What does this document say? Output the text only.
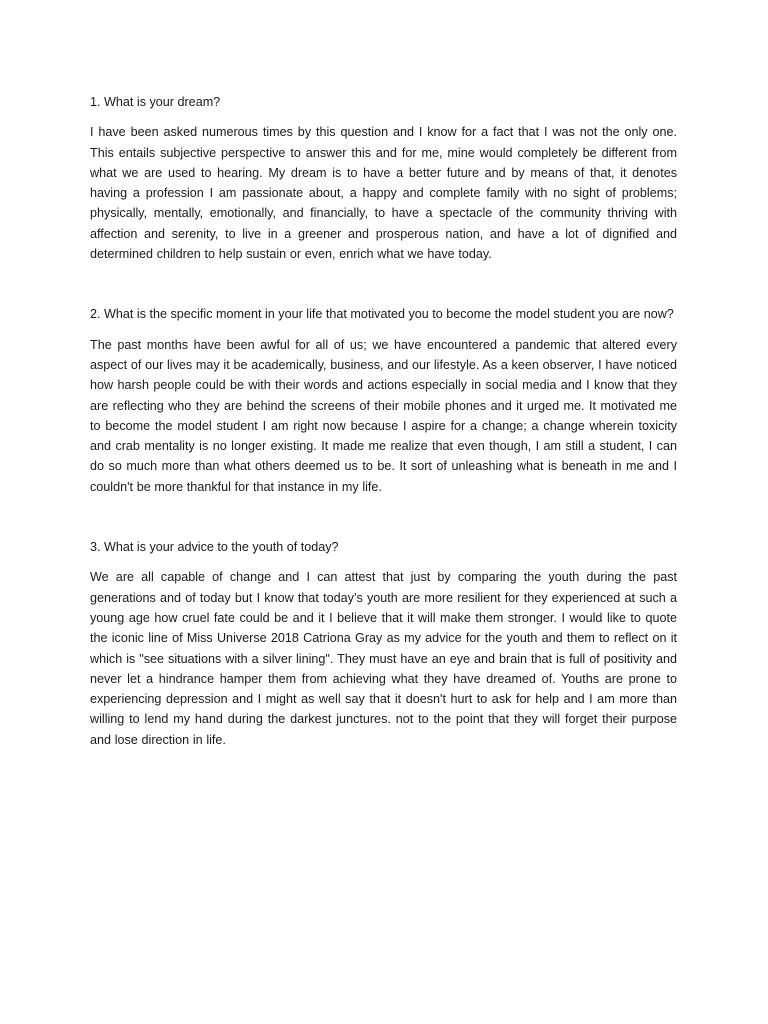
1. What is your dream?

I have been asked numerous times by this question and I know for a fact that I was not the only one. This entails subjective perspective to answer this and for me, mine would completely be different from what we are used to hearing. My dream is to have a better future and by means of that, it denotes having a profession I am passionate about, a happy and complete family with no sight of problems; physically, mentally, emotionally, and financially, to have a spectacle of the community thriving with affection and serenity, to live in a greener and prosperous nation, and have a lot of dignified and determined children to help sustain or even, enrich what we have today.

2. What is the specific moment in your life that motivated you to become the model student you are now?

The past months have been awful for all of us; we have encountered a pandemic that altered every aspect of our lives may it be academically, business, and our lifestyle. As a keen observer, I have noticed how harsh people could be with their words and actions especially in social media and I know that they are reflecting who they are behind the screens of their mobile phones and it urged me. It motivated me to become the model student I am right now because I aspire for a change; a change wherein toxicity and crab mentality is no longer existing. It made me realize that even though, I am still a student, I can do so much more than what others deemed us to be. It sort of unleashing what is beneath in me and I couldn't be more thankful for that instance in my life.

3. What is your advice to the youth of today?

We are all capable of change and I can attest that just by comparing the youth during the past generations and of today but I know that today’s youth are more resilient for they experienced at such a young age how cruel fate could be and it I believe that it will make them stronger. I would like to quote the iconic line of Miss Universe 2018 Catriona Gray as my advice for the youth and them to reflect on it which is "see situations with a silver lining". They must have an eye and brain that is full of positivity and never let a hindrance hamper them from achieving what they have dreamed of. Youths are prone to experiencing depression and I might as well say that it doesn't hurt to ask for help and I am more than willing to lend my hand during the darkest junctures. not to the point that they will forget their purpose and lose direction in life.
